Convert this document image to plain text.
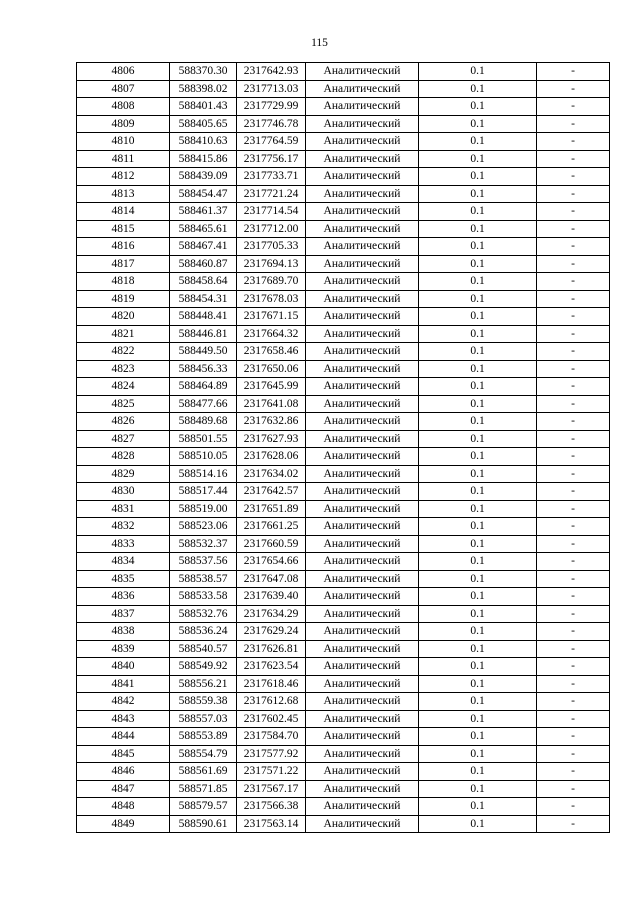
115
4806	588370.30	2317642.93	Аналитический	0.1	-
4807	588398.02	2317713.03	Аналитический	0.1	-
4808	588401.43	2317729.99	Аналитический	0.1	-
4809	588405.65	2317746.78	Аналитический	0.1	-
4810	588410.63	2317764.59	Аналитический	0.1	-
4811	588415.86	2317756.17	Аналитический	0.1	-
4812	588439.09	2317733.71	Аналитический	0.1	-
4813	588454.47	2317721.24	Аналитический	0.1	-
4814	588461.37	2317714.54	Аналитический	0.1	-
4815	588465.61	2317712.00	Аналитический	0.1	-
4816	588467.41	2317705.33	Аналитический	0.1	-
4817	588460.87	2317694.13	Аналитический	0.1	-
4818	588458.64	2317689.70	Аналитический	0.1	-
4819	588454.31	2317678.03	Аналитический	0.1	-
4820	588448.41	2317671.15	Аналитический	0.1	-
4821	588446.81	2317664.32	Аналитический	0.1	-
4822	588449.50	2317658.46	Аналитический	0.1	-
4823	588456.33	2317650.06	Аналитический	0.1	-
4824	588464.89	2317645.99	Аналитический	0.1	-
4825	588477.66	2317641.08	Аналитический	0.1	-
4826	588489.68	2317632.86	Аналитический	0.1	-
4827	588501.55	2317627.93	Аналитический	0.1	-
4828	588510.05	2317628.06	Аналитический	0.1	-
4829	588514.16	2317634.02	Аналитический	0.1	-
4830	588517.44	2317642.57	Аналитический	0.1	-
4831	588519.00	2317651.89	Аналитический	0.1	-
4832	588523.06	2317661.25	Аналитический	0.1	-
4833	588532.37	2317660.59	Аналитический	0.1	-
4834	588537.56	2317654.66	Аналитический	0.1	-
4835	588538.57	2317647.08	Аналитический	0.1	-
4836	588533.58	2317639.40	Аналитический	0.1	-
4837	588532.76	2317634.29	Аналитический	0.1	-
4838	588536.24	2317629.24	Аналитический	0.1	-
4839	588540.57	2317626.81	Аналитический	0.1	-
4840	588549.92	2317623.54	Аналитический	0.1	-
4841	588556.21	2317618.46	Аналитический	0.1	-
4842	588559.38	2317612.68	Аналитический	0.1	-
4843	588557.03	2317602.45	Аналитический	0.1	-
4844	588553.89	2317584.70	Аналитический	0.1	-
4845	588554.79	2317577.92	Аналитический	0.1	-
4846	588561.69	2317571.22	Аналитический	0.1	-
4847	588571.85	2317567.17	Аналитический	0.1	-
4848	588579.57	2317566.38	Аналитический	0.1	-
4849	588590.61	2317563.14	Аналитический	0.1	-
